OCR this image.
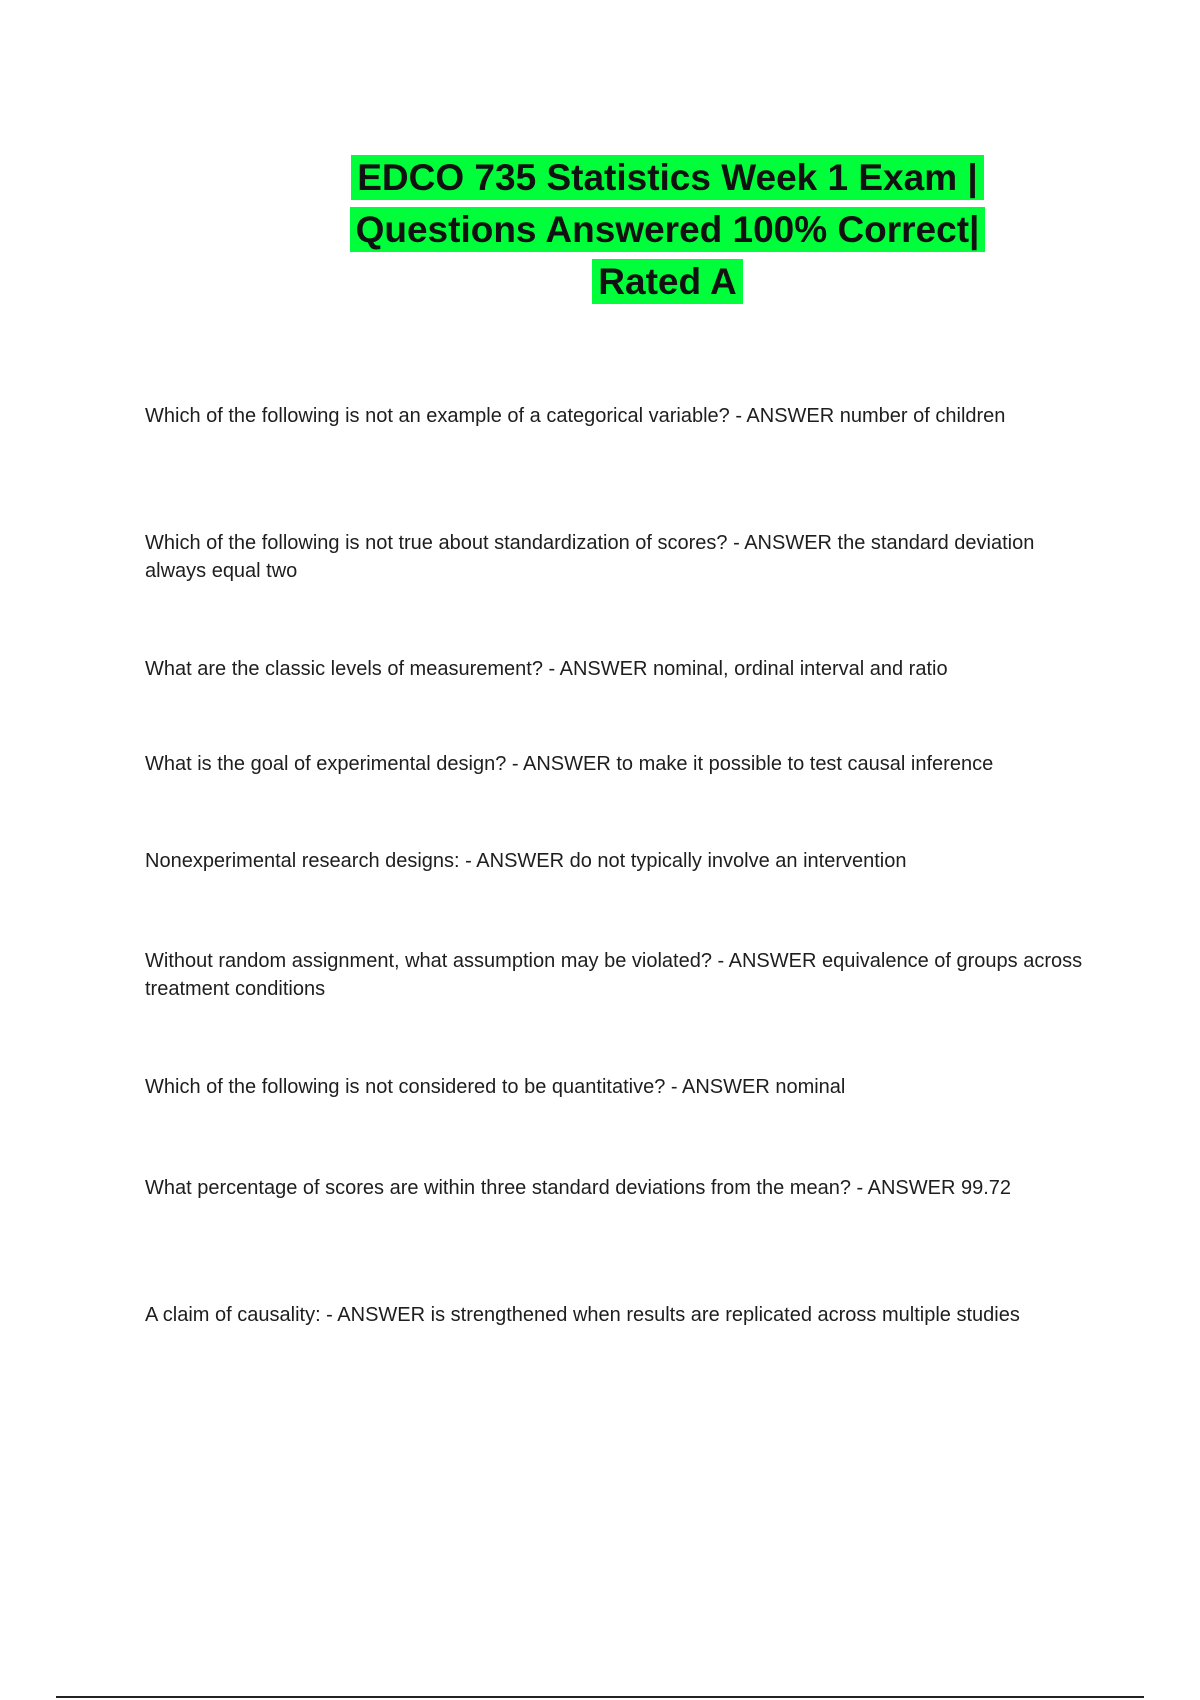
EDCO 735 Statistics Week 1 Exam |
Questions Answered 100% Correct|
Rated A
Which of the following is not an example of a categorical variable? - ANSWER number of children
Which of the following is not true about standardization of scores? - ANSWER the standard deviation always equal two
What are the classic levels of measurement? - ANSWER nominal, ordinal interval and ratio
What is the goal of experimental design? - ANSWER to make it possible to test causal inference
Nonexperimental research designs: - ANSWER do not typically involve an intervention
Without random assignment, what assumption may be violated? - ANSWER equivalence of groups across treatment conditions
Which of the following is not considered to be quantitative? - ANSWER nominal
What percentage of scores are within three standard deviations from the mean? - ANSWER 99.72
A claim of causality: - ANSWER is strengthened when results are replicated across multiple studies
